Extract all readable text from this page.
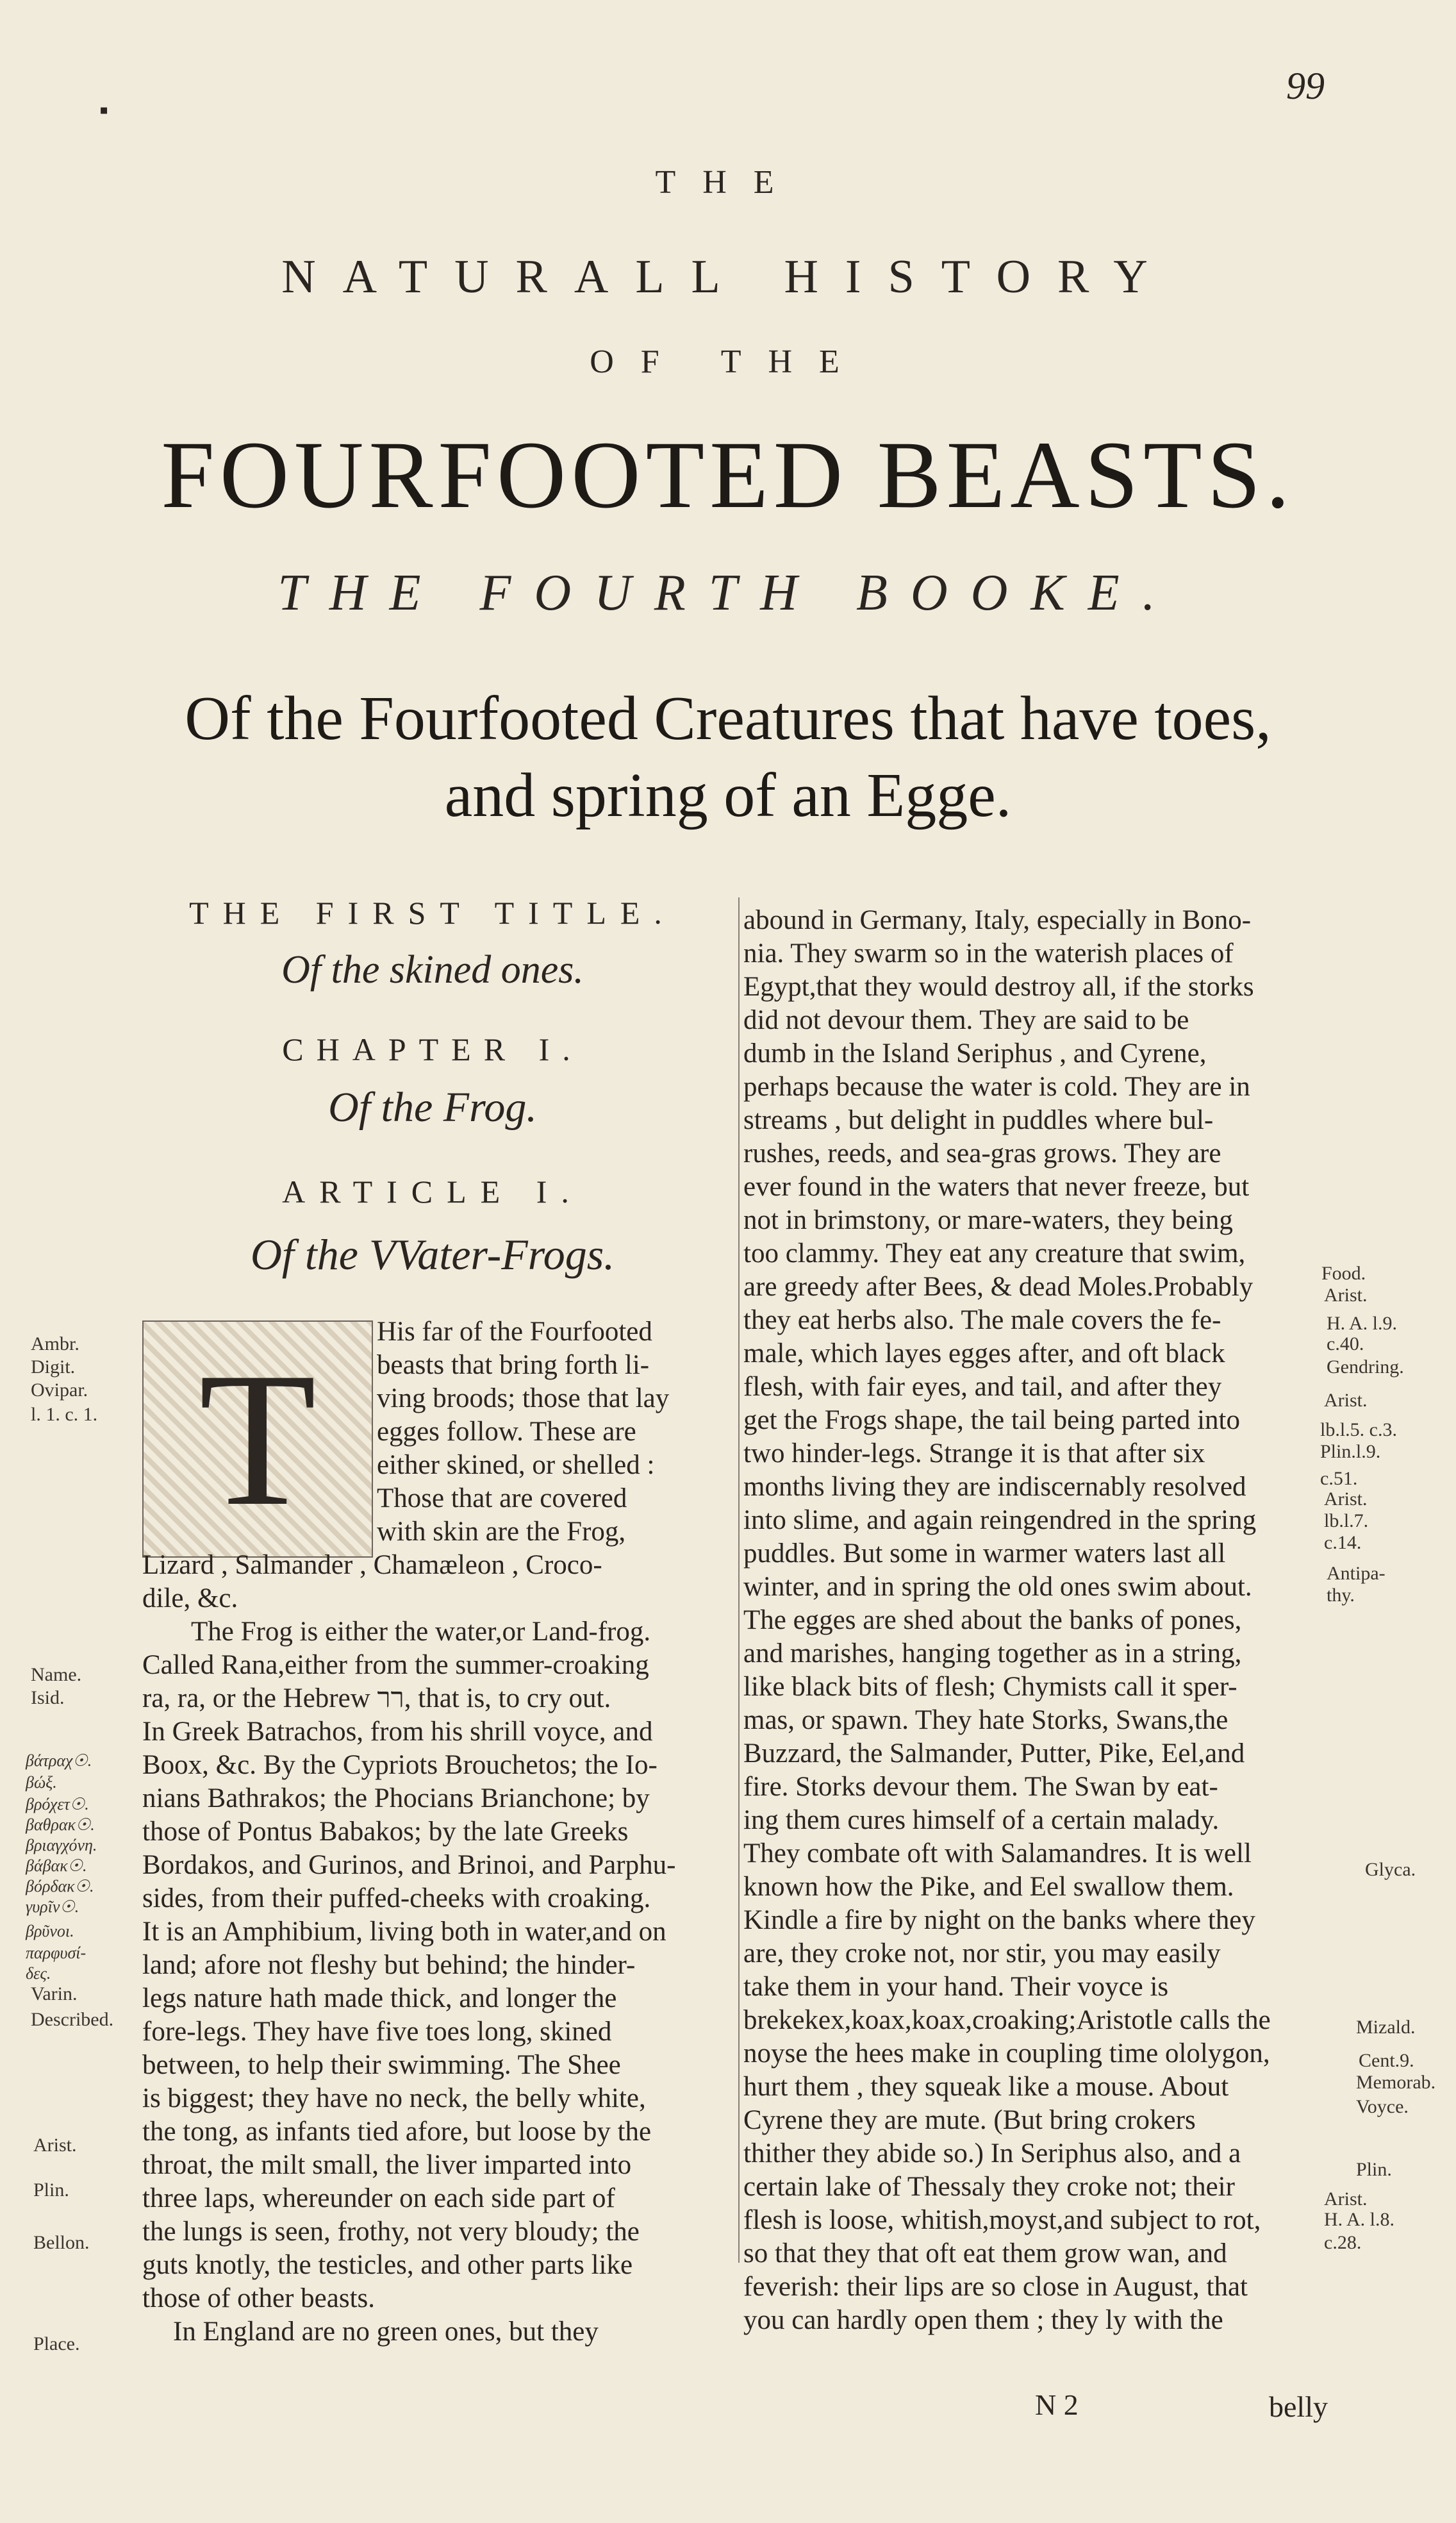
99
▪
THE
NATURALL HISTORY
OF THE
FOURFOOTED BEASTS.
THE FOURTH BOOKE.
Of the Fourfooted Creatures that have toes,
and spring of an Egge.
THE FIRST TITLE.
Of the skined ones.
CHAPTER I.
Of the Frog.
ARTICLE I.
Of the VVater-Frogs.
T
His far of the Fourfooted
beasts that bring forth li-
ving broods; those that lay
egges follow. These are
either skined, or shelled :
Those that are covered
with skin are the Frog,
Lizard , Salmander , Chamæleon , Croco-
dile, &c.
The Frog is either the water,or Land-frog.
Called Rana,either from the summer-croaking
ra, ra, or the Hebrew רר, that is, to cry out.
In Greek Batrachos, from his shrill voyce, and
Boox, &c. By the Cypriots Brouchetos; the Io-
nians Bathrakos; the Phocians Brianchone; by
those of Pontus Babakos; by the late Greeks
Bordakos, and Gurinos, and Brinoi, and Parphu-
sides, from their puffed-cheeks with croaking.
It is an Amphibium, living both in water,and on
land; afore not fleshy but behind; the hinder-
legs nature hath made thick, and longer the
fore-legs. They have five toes long, skined
between, to help their swimming. The Shee
is biggest; they have no neck, the belly white,
the tong, as infants tied afore, but loose by the
throat, the milt small, the liver imparted into
three laps, whereunder on each side part of
the lungs is seen, frothy, not very bloudy; the
guts knotly, the testicles, and other parts like
those of other beasts.
In England are no green ones, but they
Ambr.
Digit.
Ovipar.
l. 1. c. 1.
Name.
Isid.
βάτραχ☉.
βώξ.
βρόχετ☉.
βαθρακ☉.
βριαγχόνη.
βάβακ☉.
βόρδακ☉.
γυρῖν☉.
βρῦνοι.
παρφυσί-
δες.
Varin.
Described.
Arist.
Plin.
Bellon.
Place.
abound in Germany, Italy, especially in Bono-
nia. They swarm so in the waterish places of
Egypt,that they would destroy all, if the storks
did not devour them. They are said to be
dumb in the Island Seriphus , and Cyrene,
perhaps because the water is cold. They are in
streams , but delight in puddles where bul-
rushes, reeds, and sea-gras grows. They are
ever found in the waters that never freeze, but
not in brimstony, or mare-waters, they being
too clammy. They eat any creature that swim,
are greedy after Bees, & dead Moles.Probably
they eat herbs also. The male covers the fe-
male, which layes egges after, and oft black
flesh, with fair eyes, and tail, and after they
get the Frogs shape, the tail being parted into
two hinder-legs. Strange it is that after six
months living they are indiscernably resolved
into slime, and again reingendred in the spring
puddles. But some in warmer waters last all
winter, and in spring the old ones swim about.
The egges are shed about the banks of pones,
and marishes, hanging together as in a string,
like black bits of flesh; Chymists call it sper-
mas, or spawn. They hate Storks, Swans,the
Buzzard, the Salmander, Putter, Pike, Eel,and
fire. Storks devour them. The Swan by eat-
ing them cures himself of a certain malady.
They combate oft with Salamandres. It is well
known how the Pike, and Eel swallow them.
Kindle a fire by night on the banks where they
are, they croke not, nor stir, you may easily
take them in your hand. Their voyce is
brekekex,koax,koax,croaking;Aristotle calls the
noyse the hees make in coupling time ololygon,
hurt them , they squeak like a mouse. About
Cyrene they are mute. (But bring crokers
thither they abide so.) In Seriphus also, and a
certain lake of Thessaly they croke not; their
flesh is loose, whitish,moyst,and subject to rot,
so that they that oft eat them grow wan, and
feverish: their lips are so close in August, that
you can hardly open them ; they ly with the
Food.
Arist.
H. A. l.9.
c.40.
Gendring.
Arist.
lb.l.5. c.3.
Plin.l.9.
c.51.
Arist.
lb.l.7.
c.14.
Antipa-
thy.
Glyca.
Mizald.
Cent.9.
Memorab.
Voyce.
Plin.
Arist.
H. A. l.8.
c.28.
N 2	belly
